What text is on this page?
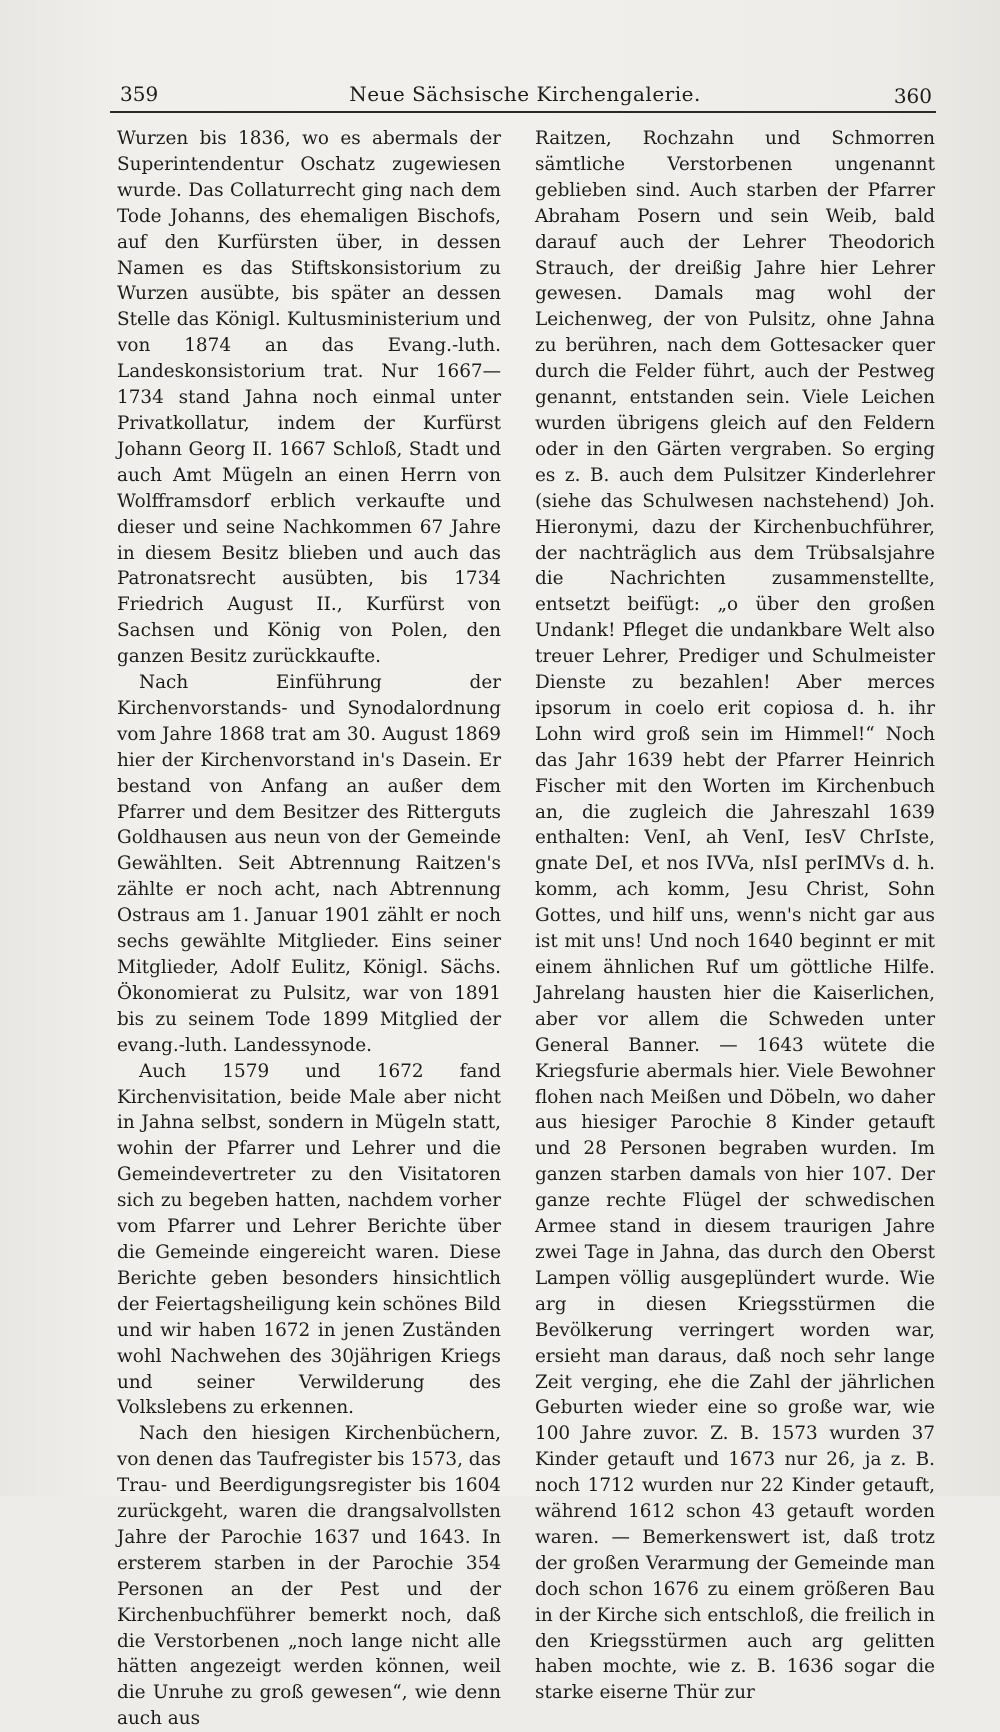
359	Neue Sächsische Kirchengalerie.	360

Wurzen bis 1836, wo es abermals der Superintendentur Oschatz zugewiesen wurde. Das Collaturrecht ging nach dem Tode Johanns, des ehemaligen Bischofs, auf den Kurfürsten über, in dessen Namen es das Stiftskonsistorium zu Wurzen ausübte, bis später an dessen Stelle das Königl. Kultusministerium und von 1874 an das Evang.-luth. Landeskonsistorium trat. Nur 1667—1734 stand Jahna noch einmal unter Privatkollatur, indem der Kurfürst Johann Georg II. 1667 Schloß, Stadt und auch Amt Mügeln an einen Herrn von Wolfframsdorf erblich verkaufte und dieser und seine Nachkommen 67 Jahre in diesem Besitz blieben und auch das Patronatsrecht ausübten, bis 1734 Friedrich August II., Kurfürst von Sachsen und König von Polen, den ganzen Besitz zurückkaufte.

Nach Einführung der Kirchenvorstands- und Synodalordnung vom Jahre 1868 trat am 30. August 1869 hier der Kirchenvorstand in's Dasein. Er bestand von Anfang an außer dem Pfarrer und dem Besitzer des Ritterguts Goldhausen aus neun von der Gemeinde Gewählten. Seit Abtrennung Raitzen's zählte er noch acht, nach Abtrennung Ostraus am 1. Januar 1901 zählt er noch sechs gewählte Mitglieder. Eins seiner Mitglieder, Adolf Eulitz, Königl. Sächs. Ökonomierat zu Pulsitz, war von 1891 bis zu seinem Tode 1899 Mitglied der evang.-luth. Landessynode.

Auch 1579 und 1672 fand Kirchenvisitation, beide Male aber nicht in Jahna selbst, sondern in Mügeln statt, wohin der Pfarrer und Lehrer und die Gemeindevertreter zu den Visitatoren sich zu begeben hatten, nachdem vorher vom Pfarrer und Lehrer Berichte über die Gemeinde eingereicht waren. Diese Berichte geben besonders hinsichtlich der Feiertagsheiligung kein schönes Bild und wir haben 1672 in jenen Zuständen wohl Nachwehen des 30jährigen Kriegs und seiner Verwilderung des Volkslebens zu erkennen.

Nach den hiesigen Kirchenbüchern, von denen das Taufregister bis 1573, das Trau- und Beerdigungsregister bis 1604 zurückgeht, waren die drangsalvollsten Jahre der Parochie 1637 und 1643. In ersterem starben in der Parochie 354 Personen an der Pest und der Kirchenbuchführer bemerkt noch, daß die Verstorbenen „noch lange nicht alle hätten angezeigt werden können, weil die Unruhe zu groß gewesen“, wie denn auch aus

Raitzen, Rochzahn und Schmorren sämtliche Verstorbenen ungenannt geblieben sind. Auch starben der Pfarrer Abraham Posern und sein Weib, bald darauf auch der Lehrer Theodorich Strauch, der dreißig Jahre hier Lehrer gewesen. Damals mag wohl der Leichenweg, der von Pulsitz, ohne Jahna zu berühren, nach dem Gottesacker quer durch die Felder führt, auch der Pestweg genannt, entstanden sein. Viele Leichen wurden übrigens gleich auf den Feldern oder in den Gärten vergraben. So erging es z. B. auch dem Pulsitzer Kinderlehrer (siehe das Schulwesen nachstehend) Joh. Hieronymi, dazu der Kirchenbuchführer, der nachträglich aus dem Trübsalsjahre die Nachrichten zusammenstellte, entsetzt beifügt: „o über den großen Undank! Pfleget die undankbare Welt also treuer Lehrer, Prediger und Schulmeister Dienste zu bezahlen! Aber merces ipsorum in coelo erit copiosa d. h. ihr Lohn wird groß sein im Himmel!“ Noch das Jahr 1639 hebt der Pfarrer Heinrich Fischer mit den Worten im Kirchenbuch an, die zugleich die Jahreszahl 1639 enthalten: VenI, ah VenI, IesV ChrIste, gnate DeI, et nos IVVa, nIsI perIMVs d. h. komm, ach komm, Jesu Christ, Sohn Gottes, und hilf uns, wenn's nicht gar aus ist mit uns! Und noch 1640 beginnt er mit einem ähnlichen Ruf um göttliche Hilfe. Jahrelang hausten hier die Kaiserlichen, aber vor allem die Schweden unter General Banner. — 1643 wütete die Kriegsfurie abermals hier. Viele Bewohner flohen nach Meißen und Döbeln, wo daher aus hiesiger Parochie 8 Kinder getauft und 28 Personen begraben wurden. Im ganzen starben damals von hier 107. Der ganze rechte Flügel der schwedischen Armee stand in diesem traurigen Jahre zwei Tage in Jahna, das durch den Oberst Lampen völlig ausgeplündert wurde. Wie arg in diesen Kriegsstürmen die Bevölkerung verringert worden war, ersieht man daraus, daß noch sehr lange Zeit verging, ehe die Zahl der jährlichen Geburten wieder eine so große war, wie 100 Jahre zuvor. Z. B. 1573 wurden 37 Kinder getauft und 1673 nur 26, ja z. B. noch 1712 wurden nur 22 Kinder getauft, während 1612 schon 43 getauft worden waren. — Bemerkenswert ist, daß trotz der großen Verarmung der Gemeinde man doch schon 1676 zu einem größeren Bau in der Kirche sich entschloß, die freilich in den Kriegsstürmen auch arg gelitten haben mochte, wie z. B. 1636 sogar die starke eiserne Thür zur
